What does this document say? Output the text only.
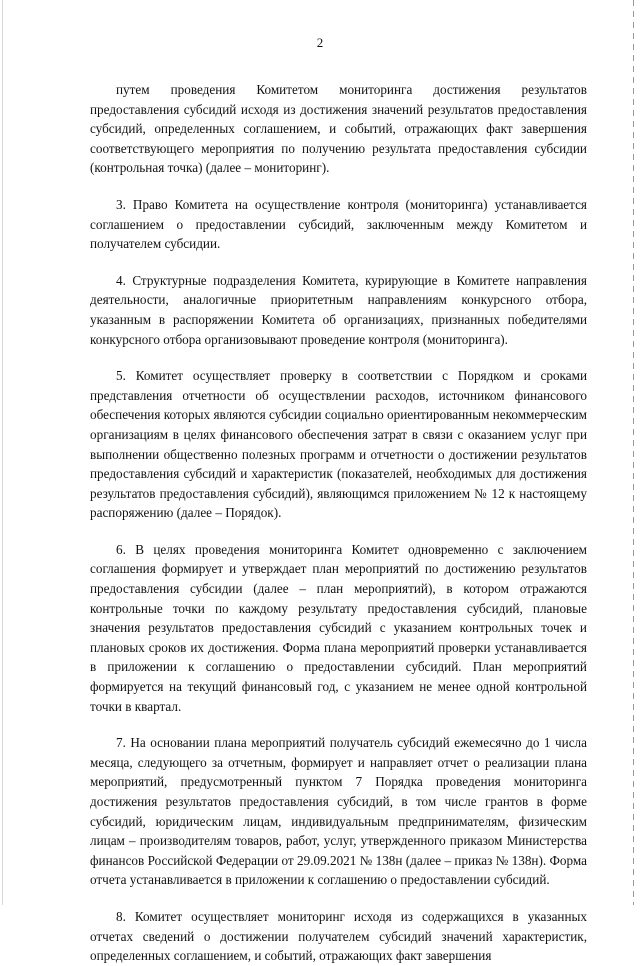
2

путем проведения Комитетом мониторинга достижения результатов предоставления субсидий исходя из достижения значений результатов предоставления субсидий, определенных соглашением, и событий, отражающих факт завершения соответствующего мероприятия по получению результата предоставления субсидии (контрольная точка) (далее – мониторинг).

3. Право Комитета на осуществление контроля (мониторинга) устанавливается соглашением о предоставлении субсидий, заключенным между Комитетом и получателем субсидии.

4. Структурные подразделения Комитета, курирующие в Комитете направления деятельности, аналогичные приоритетным направлениям конкурсного отбора, указанным в распоряжении Комитета об организациях, признанных победителями конкурсного отбора организовывают проведение контроля (мониторинга).

5. Комитет осуществляет проверку в соответствии с Порядком и сроками представления отчетности об осуществлении расходов, источником финансового обеспечения которых являются субсидии социально ориентированным некоммерческим организациям в целях финансового обеспечения затрат в связи с оказанием услуг при выполнении общественно полезных программ и отчетности о достижении результатов предоставления субсидий и характеристик (показателей, необходимых для достижения результатов предоставления субсидий), являющимся приложением № 12 к настоящему распоряжению (далее – Порядок).

6. В целях проведения мониторинга Комитет одновременно с заключением соглашения формирует и утверждает план мероприятий по достижению результатов предоставления субсидии (далее – план мероприятий), в котором отражаются контрольные точки по каждому результату предоставления субсидий, плановые значения результатов предоставления субсидий с указанием контрольных точек и плановых сроков их достижения. Форма плана мероприятий проверки устанавливается в приложении к соглашению о предоставлении субсидий. План мероприятий формируется на текущий финансовый год, с указанием не менее одной контрольной точки в квартал.

7. На основании плана мероприятий получатель субсидий ежемесячно до 1 числа месяца, следующего за отчетным, формирует и направляет отчет о реализации плана мероприятий, предусмотренный пунктом 7 Порядка проведения мониторинга достижения результатов предоставления субсидий, в том числе грантов в форме субсидий, юридическим лицам, индивидуальным предпринимателям, физическим лицам – производителям товаров, работ, услуг, утвержденного приказом Министерства финансов Российской Федерации от 29.09.2021 № 138н (далее – приказ № 138н). Форма отчета устанавливается в приложении к соглашению о предоставлении субсидий.

8. Комитет осуществляет мониторинг исходя из содержащихся в указанных отчетах сведений о достижении получателем субсидий значений характеристик, определенных соглашением, и событий, отражающих факт завершения
